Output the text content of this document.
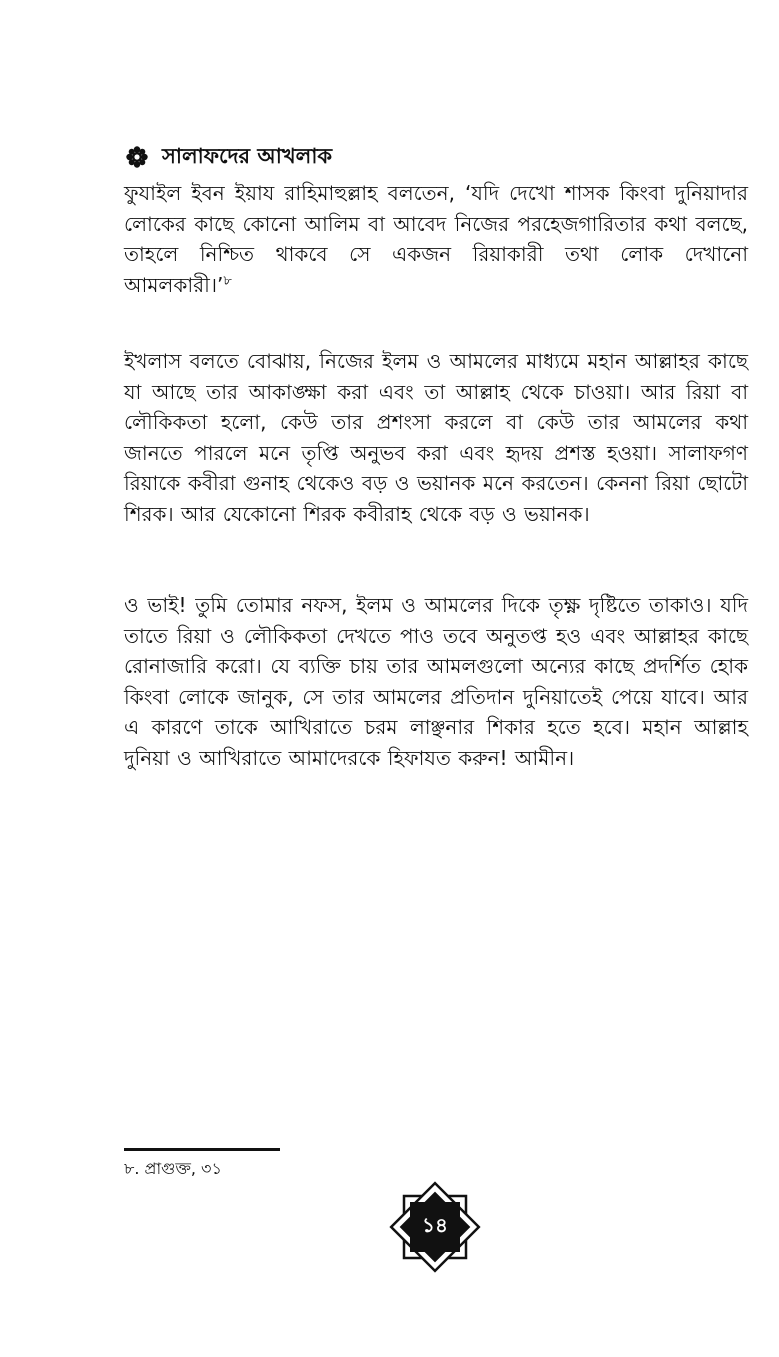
সালাফদের আখলাক

ফুযাইল ইবন ইয়ায রাহিমাহুল্লাহ বলতেন, ‘যদি দেখো শাসক কিংবা দুনিয়াদার লোকের কাছে কোনো আলিম বা আবেদ নিজের পরহেজগারিতার কথা বলছে, তাহলে নিশ্চিত থাকবে সে একজন রিয়াকারী তথা লোক দেখানো আমলকারী।’$^৮$

ইখলাস বলতে বোঝায়, নিজের ইলম ও আমলের মাধ্যমে মহান আল্লাহর কাছে যা আছে তার আকাঙ্ক্ষা করা এবং তা আল্লাহ থেকে চাওয়া। আর রিয়া বা লৌকিকতা হলো, কেউ তার প্রশংসা করলে বা কেউ তার আমলের কথা জানতে পারলে মনে তৃপ্তি অনুভব করা এবং হৃদয় প্রশস্ত হওয়া। সালাফগণ রিয়াকে কবীরা গুনাহ থেকেও বড় ও ভয়ানক মনে করতেন। কেননা রিয়া ছোটো শিরক। আর যেকোনো শিরক কবীরাহ থেকে বড় ও ভয়ানক।

ও ভাই! তুমি তোমার নফস, ইলম ও আমলের দিকে তৃক্ষ্ণ দৃষ্টিতে তাকাও। যদি তাতে রিয়া ও লৌকিকতা দেখতে পাও তবে অনুতপ্ত হও এবং আল্লাহর কাছে রোনাজারি করো। যে ব্যক্তি চায় তার আমলগুলো অন্যের কাছে প্রদর্শিত হোক কিংবা লোকে জানুক, সে তার আমলের প্রতিদান দুনিয়াতেই পেয়ে যাবে। আর এ কারণে তাকে আখিরাতে চরম লাঞ্ছনার শিকার হতে হবে। মহান আল্লাহ দুনিয়া ও আখিরাতে আমাদেরকে হিফাযত করুন! আমীন।

৮. প্রাগুক্ত, ৩১
১৪
